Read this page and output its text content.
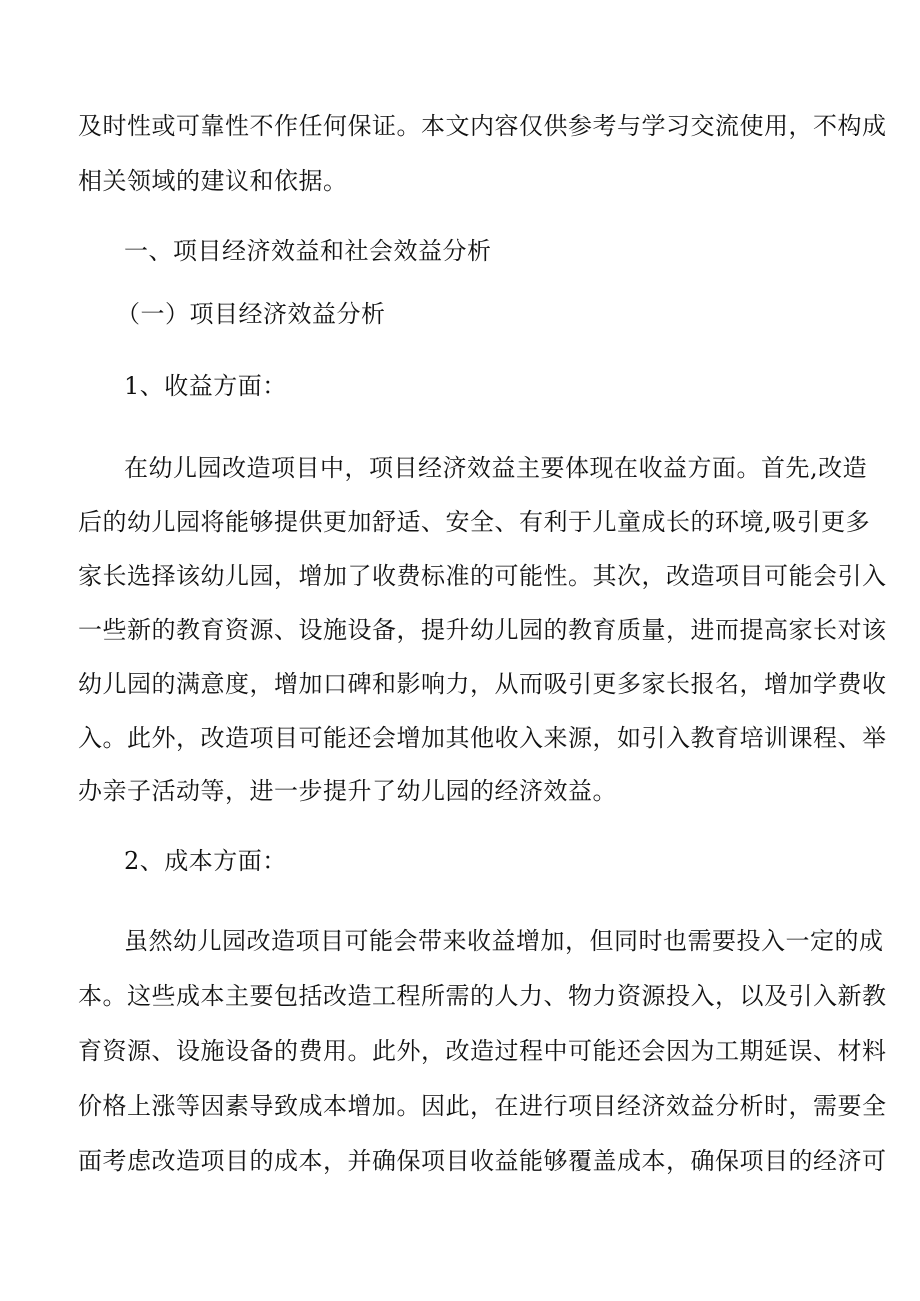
及时性或可靠性不作任何保证。本文内容仅供参考与学习交流使用，不构成
相关领域的建议和依据。
一、项目经济效益和社会效益分析
（一）项目经济效益分析
1、收益方面：
在幼儿园改造项目中，项目经济效益主要体现在收益方面。首先,改造
后的幼儿园将能够提供更加舒适、安全、有利于儿童成长的环境,吸引更多
家长选择该幼儿园，增加了收费标准的可能性。其次，改造项目可能会引入
一些新的教育资源、设施设备，提升幼儿园的教育质量，进而提高家长对该
幼儿园的满意度，增加口碑和影响力，从而吸引更多家长报名，增加学费收
入。此外，改造项目可能还会增加其他收入来源，如引入教育培训课程、举
办亲子活动等，进一步提升了幼儿园的经济效益。
2、成本方面：
虽然幼儿园改造项目可能会带来收益增加，但同时也需要投入一定的成
本。这些成本主要包括改造工程所需的人力、物力资源投入，以及引入新教
育资源、设施设备的费用。此外，改造过程中可能还会因为工期延误、材料
价格上涨等因素导致成本增加。因此，在进行项目经济效益分析时，需要全
面考虑改造项目的成本，并确保项目收益能够覆盖成本，确保项目的经济可
